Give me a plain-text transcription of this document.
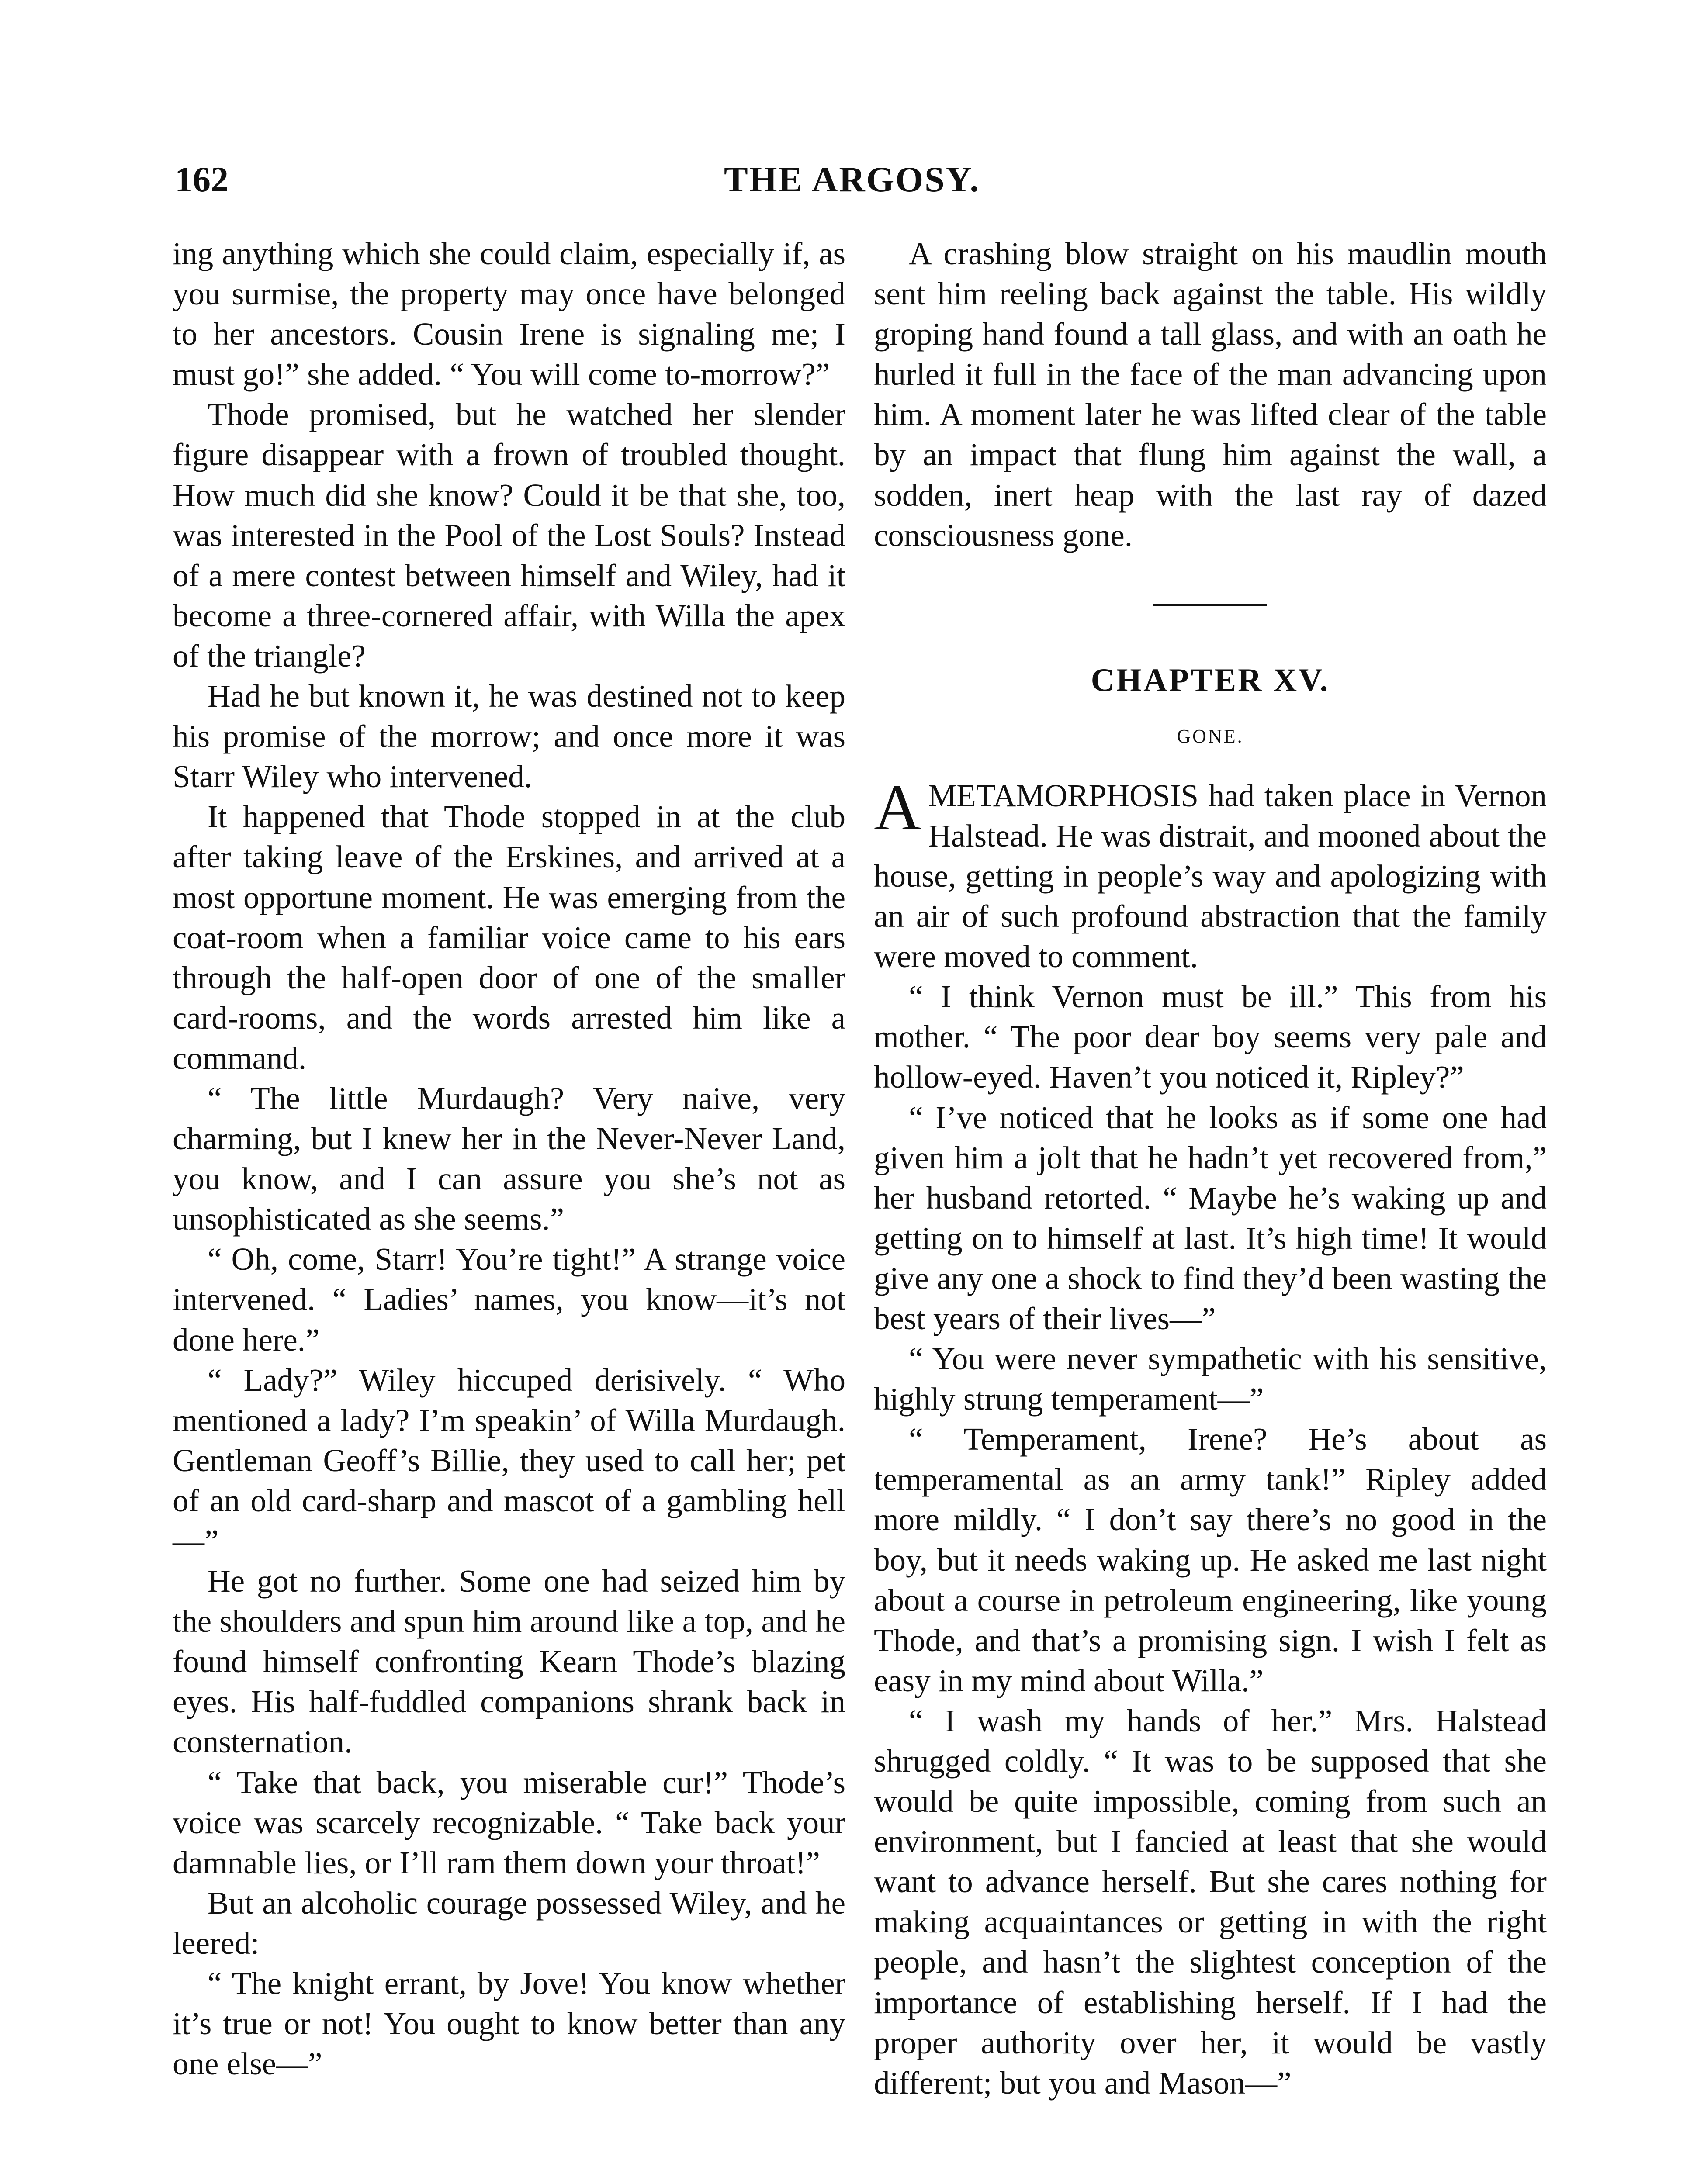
162	THE ARGOSY.

ing anything which she could claim, especially if, as you surmise, the property may once have belonged to her ancestors. Cousin Irene is signaling me; I must go!” she added. “ You will come to-morrow?”

Thode promised, but he watched her slender figure disappear with a frown of troubled thought. How much did she know? Could it be that she, too, was interested in the Pool of the Lost Souls? Instead of a mere contest between himself and Wiley, had it become a three-cornered affair, with Willa the apex of the triangle?

Had he but known it, he was destined not to keep his promise of the morrow; and once more it was Starr Wiley who intervened.

It happened that Thode stopped in at the club after taking leave of the Erskines, and arrived at a most opportune moment. He was emerging from the coat-room when a familiar voice came to his ears through the half-open door of one of the smaller card-rooms, and the words arrested him like a command.

“ The little Murdaugh? Very naive, very charming, but I knew her in the Never-Never Land, you know, and I can assure you she’s not as unsophisticated as she seems.”

“ Oh, come, Starr! You’re tight!” A strange voice intervened. “ Ladies’ names, you know—it’s not done here.”

“ Lady?” Wiley hiccuped derisively. “ Who mentioned a lady? I’m speakin’ of Willa Murdaugh. Gentleman Geoff’s Billie, they used to call her; pet of an old card-sharp and mascot of a gambling hell—”

He got no further. Some one had seized him by the shoulders and spun him around like a top, and he found himself confronting Kearn Thode’s blazing eyes. His half-fuddled companions shrank back in consternation.

“ Take that back, you miserable cur!” Thode’s voice was scarcely recognizable. “ Take back your damnable lies, or I’ll ram them down your throat!”

But an alcoholic courage possessed Wiley, and he leered:

“ The knight errant, by Jove! You know whether it’s true or not! You ought to know better than any one else—”

A crashing blow straight on his maudlin mouth sent him reeling back against the table. His wildly groping hand found a tall glass, and with an oath he hurled it full in the face of the man advancing upon him. A moment later he was lifted clear of the table by an impact that flung him against the wall, a sodden, inert heap with the last ray of dazed consciousness gone.

CHAPTER XV.
GONE.

AMETAMORPHOSIS had taken place in Vernon Halstead. He was distrait, and mooned about the house, getting in people’s way and apologizing with an air of such profound abstraction that the family were moved to comment.

“ I think Vernon must be ill.” This from his mother. “ The poor dear boy seems very pale and hollow-eyed. Haven’t you noticed it, Ripley?”

“ I’ve noticed that he looks as if some one had given him a jolt that he hadn’t yet recovered from,” her husband retorted. “ Maybe he’s waking up and getting on to himself at last. It’s high time! It would give any one a shock to find they’d been wasting the best years of their lives—”

“ You were never sympathetic with his sensitive, highly strung temperament—”

“ Temperament, Irene? He’s about as temperamental as an army tank!” Ripley added more mildly. “ I don’t say there’s no good in the boy, but it needs waking up. He asked me last night about a course in petroleum engineering, like young Thode, and that’s a promising sign. I wish I felt as easy in my mind about Willa.”

“ I wash my hands of her.” Mrs. Halstead shrugged coldly. “ It was to be supposed that she would be quite impossible, coming from such an environment, but I fancied at least that she would want to advance herself. But she cares nothing for making acquaintances or getting in with the right people, and hasn’t the slightest conception of the importance of establishing herself. If I had the proper authority over her, it would be vastly different; but you and Mason—”
